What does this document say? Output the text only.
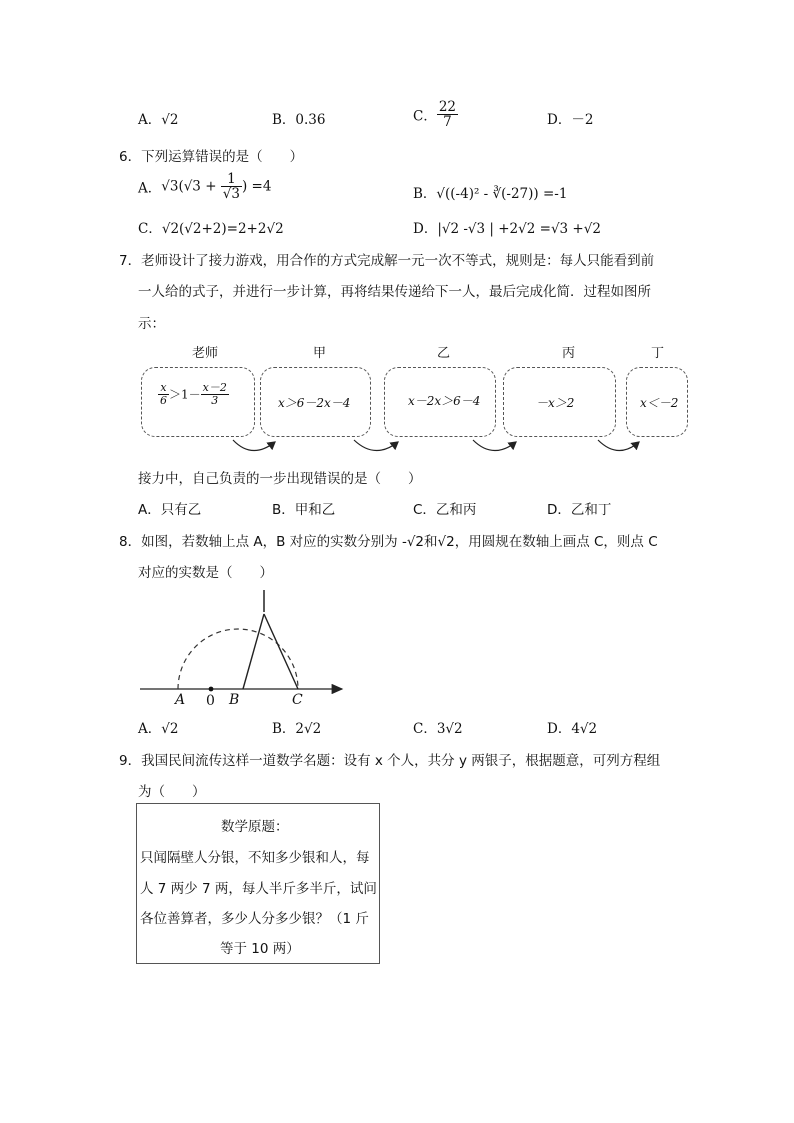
A．√2	B．0.36	C． $\frac{22}{7}$	D．－2
6．下列运算错误的是（　　）
A．$√3(√3 + \frac{1}{√3}$ ) =4	B．√((-4)² - ∛(-27)) =-1
C．√2(√2+2)=2+2√2	D．|√2 -√3 | +2√2 =√3 +√2
7．老师设计了接力游戏，用合作的方式完成解一元一次不等式，规则是：每人只能看到前
一人给的式子，并进行一步计算，再将结果传递给下一人，最后完成化简．过程如图所
示：
老师	甲	乙	丙	丁
$\frac{x}{6} >1- \frac{x-2}{3}$	x＞6－2x－4	x－2x＞6－4	－x＞2	x＜－2
接力中，自己负责的一步出现错误的是（　　）
A．只有乙	B．甲和乙	C．乙和丙	D．乙和丁
8．如图，若数轴上点 A，B 对应的实数分别为 -√2和√2，用圆规在数轴上画点 C，则点 C
对应的实数是（　　）
A 0 B	C
A．√2	B．2√2	C．3√2	D．4√2
9．我国民间流传这样一道数学名题：设有 x 个人，共分 y 两银子，根据题意，可列方程组
为（　　）
数学原题：
只闻隔壁人分银，不知多少银和人，每
人 7 两少 7 两，每人半斤多半斤，试问
各位善算者，多少人分多少银？（1 斤
等于 10 两）
